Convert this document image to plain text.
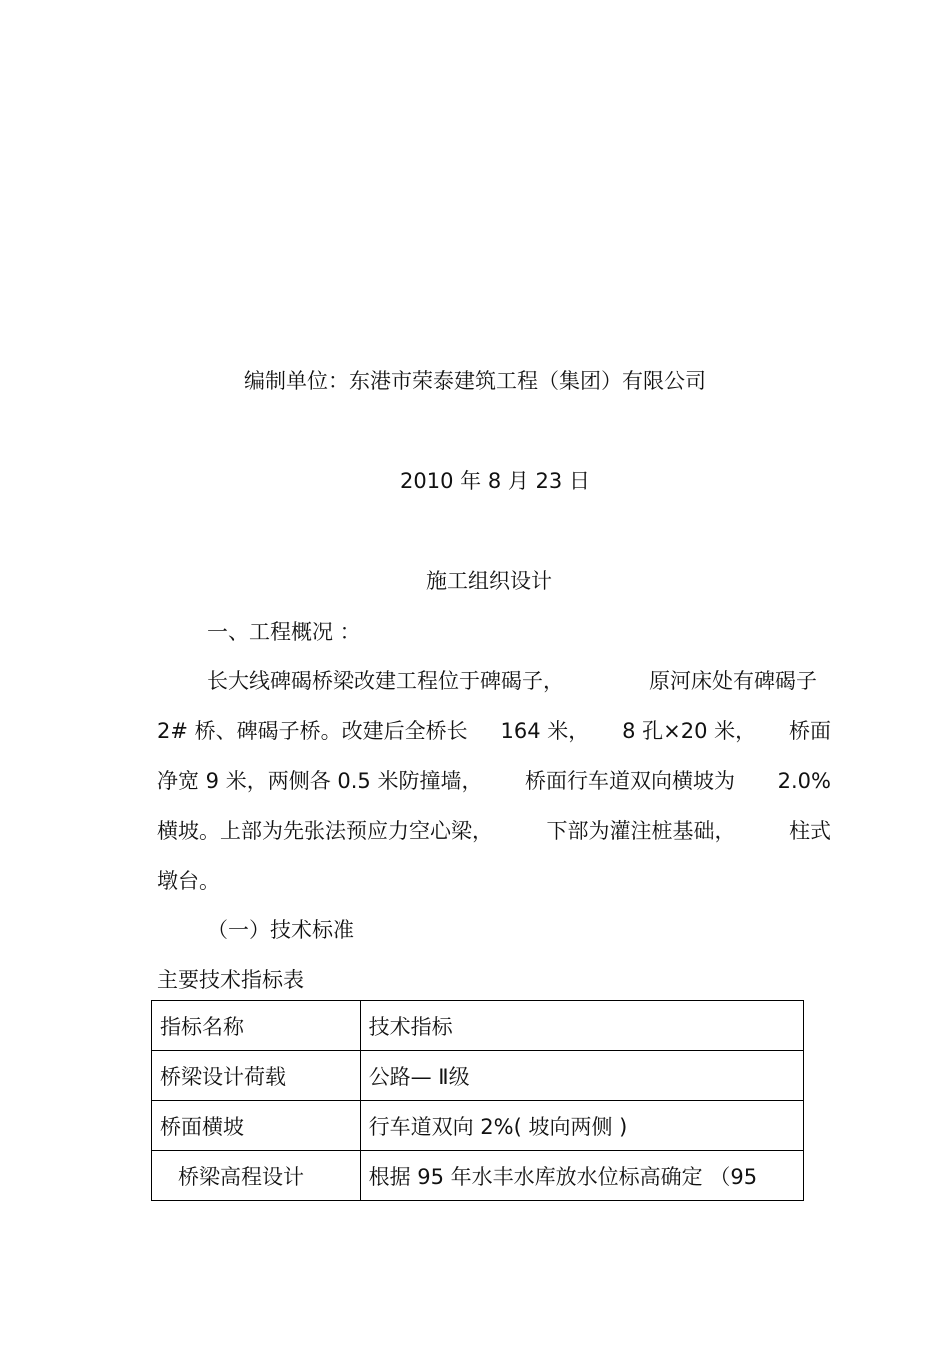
编制单位：东港市荣泰建筑工程（集团）有限公司
2010 年 8 月 23 日
施工组织设计
一、工程概况 ：
长大线碑碣桥梁改建工程位于碑碣子，	原河床处有碑碣子
2# 桥、碑碣子桥。改建后全桥长 164 米， 8 孔×20 米， 桥面
净宽 9 米，两侧各 0.5 米防撞墙， 桥面行车道双向横坡为 2.0%
横坡。上部为先张法预应力空心梁，	下部为灌注桩基础，	柱式
墩台。
（一）技术标准
主要技术指标表
指标名称	技术指标
桥梁设计荷载	公路— Ⅱ级
桥面横坡	行车道双向 2%( 坡向两侧 )
桥梁高程设计	根据 95 年水丰水库放水位标高确定 （95
